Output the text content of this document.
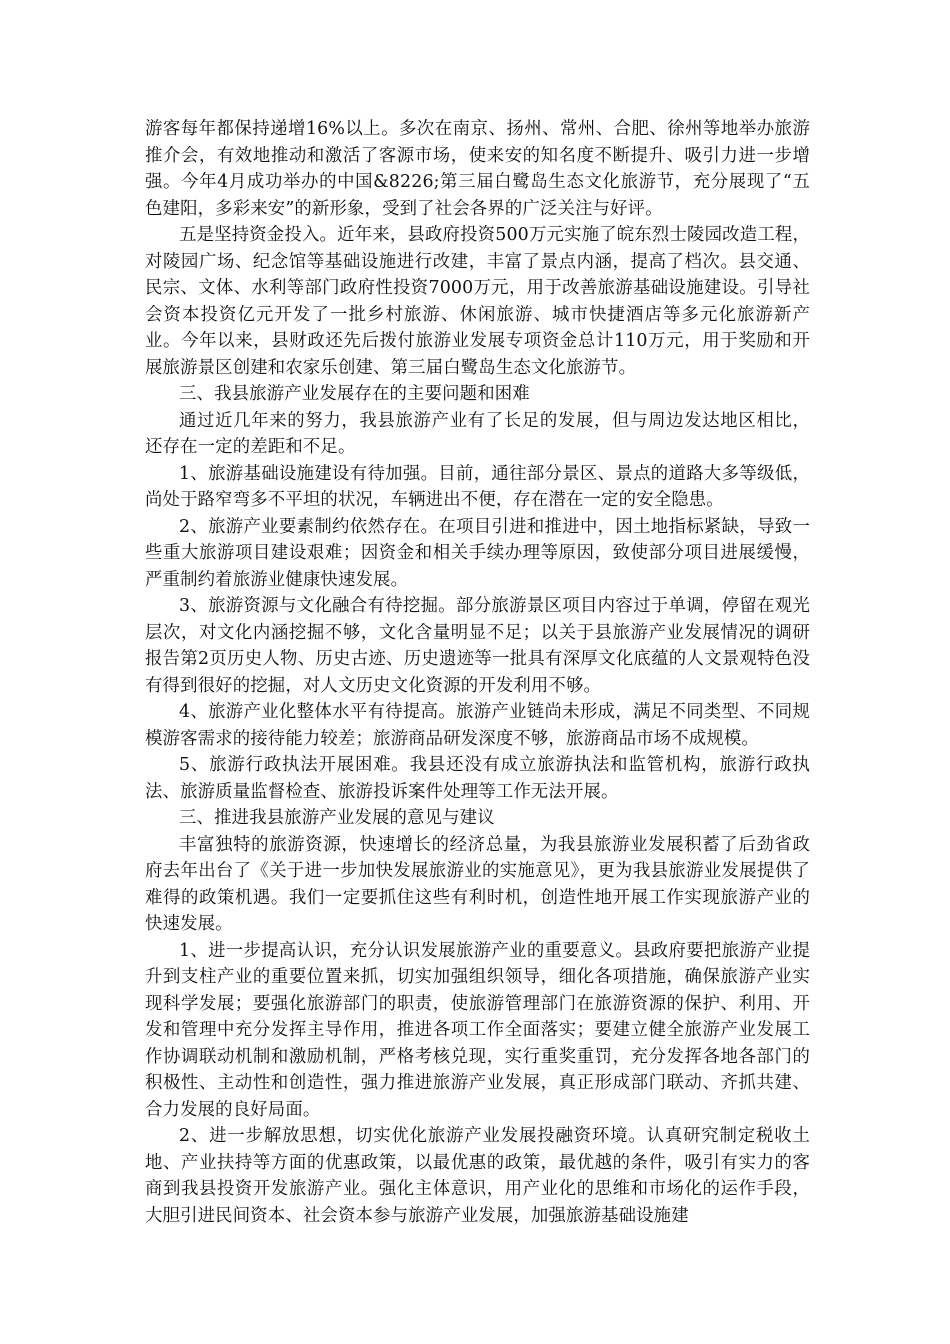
游客每年都保持递增16%以上。多次在南京、扬州、常州、合肥、徐州等地举办旅游推介会，有效地推动和激活了客源市场，使来安的知名度不断提升、吸引力进一步增强。今年4月成功举办的中国&8226;第三届白鹭岛生态文化旅游节，充分展现了“五色建阳，多彩来安”的新形象，受到了社会各界的广泛关注与好评。

五是坚持资金投入。近年来，县政府投资500万元实施了皖东烈士陵园改造工程，对陵园广场、纪念馆等基础设施进行改建，丰富了景点内涵，提高了档次。县交通、民宗、文体、水利等部门政府性投资7000万元，用于改善旅游基础设施建设。引导社会资本投资亿元开发了一批乡村旅游、休闲旅游、城市快捷酒店等多元化旅游新产业。今年以来，县财政还先后拨付旅游业发展专项资金总计110万元，用于奖励和开展旅游景区创建和农家乐创建、第三届白鹭岛生态文化旅游节。

三、我县旅游产业发展存在的主要问题和困难

通过近几年来的努力，我县旅游产业有了长足的发展，但与周边发达地区相比，还存在一定的差距和不足。

1、旅游基础设施建设有待加强。目前，通往部分景区、景点的道路大多等级低，尚处于路窄弯多不平坦的状况，车辆进出不便，存在潜在一定的安全隐患。

2、旅游产业要素制约依然存在。在项目引进和推进中，因土地指标紧缺，导致一些重大旅游项目建设艰难；因资金和相关手续办理等原因，致使部分项目进展缓慢，严重制约着旅游业健康快速发展。

3、旅游资源与文化融合有待挖掘。部分旅游景区项目内容过于单调，停留在观光层次，对文化内涵挖掘不够，文化含量明显不足；以关于县旅游产业发展情况的调研报告第2页历史人物、历史古迹、历史遗迹等一批具有深厚文化底蕴的人文景观特色没有得到很好的挖掘，对人文历史文化资源的开发利用不够。

4、旅游产业化整体水平有待提高。旅游产业链尚未形成，满足不同类型、不同规模游客需求的接待能力较差；旅游商品研发深度不够，旅游商品市场不成规模。

5、旅游行政执法开展困难。我县还没有成立旅游执法和监管机构，旅游行政执法、旅游质量监督检查、旅游投诉案件处理等工作无法开展。

三、推进我县旅游产业发展的意见与建议

丰富独特的旅游资源，快速增长的经济总量，为我县旅游业发展积蓄了后劲省政府去年出台了《关于进一步加快发展旅游业的实施意见》，更为我县旅游业发展提供了难得的政策机遇。我们一定要抓住这些有利时机，创造性地开展工作实现旅游产业的快速发展。

1、进一步提高认识，充分认识发展旅游产业的重要意义。县政府要把旅游产业提升到支柱产业的重要位置来抓，切实加强组织领导，细化各项措施，确保旅游产业实现科学发展；要强化旅游部门的职责，使旅游管理部门在旅游资源的保护、利用、开发和管理中充分发挥主导作用，推进各项工作全面落实；要建立健全旅游产业发展工作协调联动机制和激励机制，严格考核兑现，实行重奖重罚，充分发挥各地各部门的积极性、主动性和创造性，强力推进旅游产业发展，真正形成部门联动、齐抓共建、合力发展的良好局面。

2、进一步解放思想，切实优化旅游产业发展投融资环境。认真研究制定税收土地、产业扶持等方面的优惠政策，以最优惠的政策，最优越的条件，吸引有实力的客商到我县投资开发旅游产业。强化主体意识，用产业化的思维和市场化的运作手段，大胆引进民间资本、社会资本参与旅游产业发展，加强旅游基础设施建
